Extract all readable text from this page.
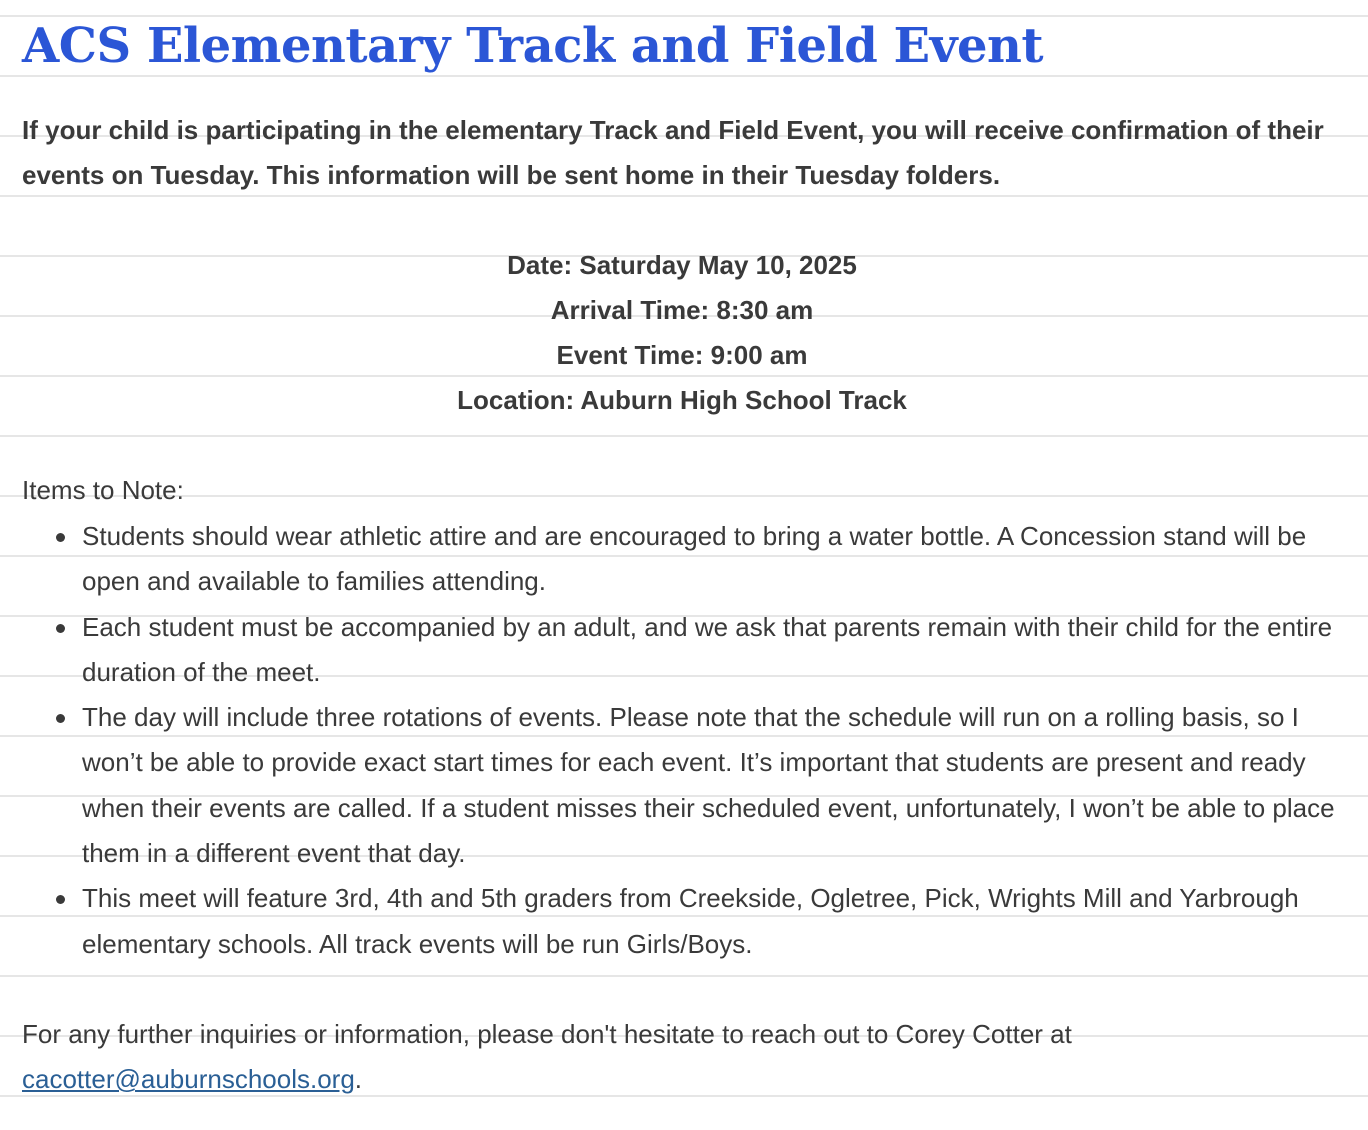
ACS Elementary Track and Field Event

If your child is participating in the elementary Track and Field Event, you will receive confirmation of their events on Tuesday. This information will be sent home in their Tuesday folders.

Date: Saturday May 10, 2025
Arrival Time: 8:30 am
Event Time: 9:00 am
Location: Auburn High School Track

Items to Note:

Students should wear athletic attire and are encouraged to bring a water bottle. A Concession stand will be open and available to families attending.
Each student must be accompanied by an adult, and we ask that parents remain with their child for the entire duration of the meet.
The day will include three rotations of events. Please note that the schedule will run on a rolling basis, so I won’t be able to provide exact start times for each event. It’s important that students are present and ready when their events are called. If a student misses their scheduled event, unfortunately, I won’t be able to place them in a different event that day.
This meet will feature 3rd, 4th and 5th graders from Creekside, Ogletree, Pick, Wrights Mill and Yarbrough elementary schools. All track events will be run Girls/Boys.

For any further inquiries or information, please don't hesitate to reach out to Corey Cotter at
cacotter@auburnschools.org.
